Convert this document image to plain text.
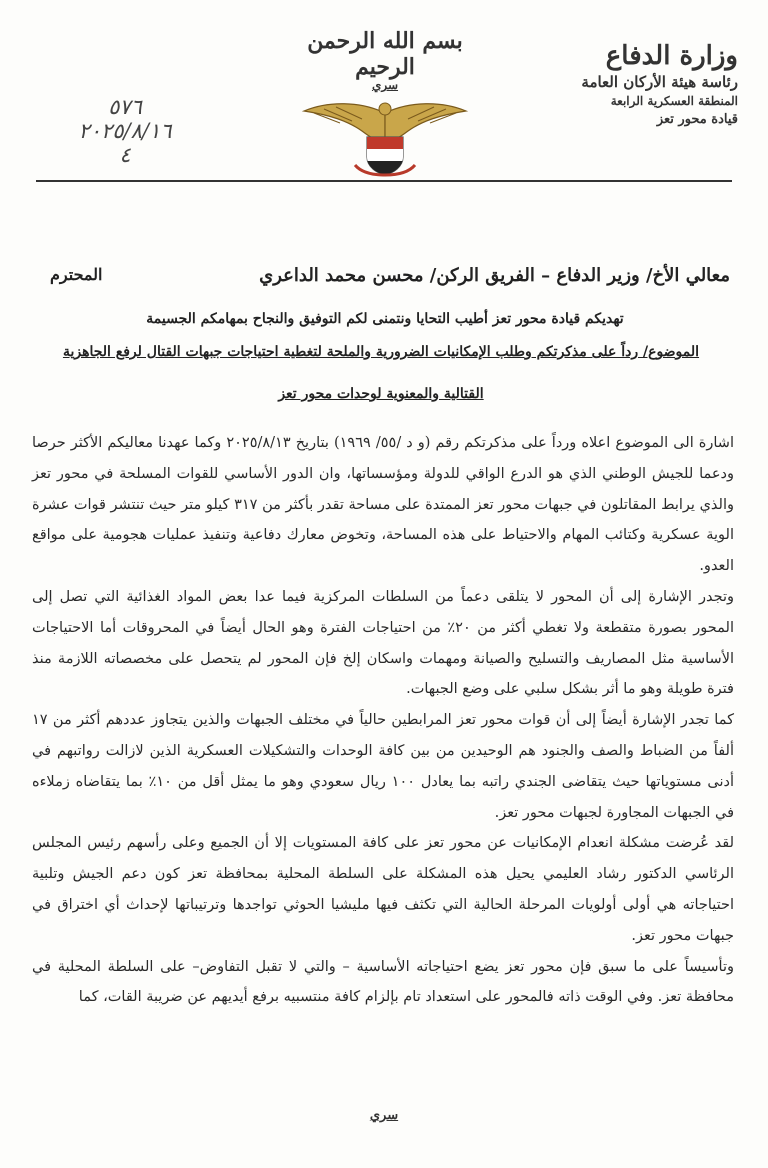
بسم الله الرحمن الرحيم
سري
وزارة الدفاع
رئاسة هيئة الأركان العامة
المنطقة العسكرية الرابعة
قيادة محور تعز
٥٧٦
٢٠٢٥/٨/١٦
٤
معالي الأخ/ وزير الدفاع – الفريق الركن/ محسن محمد الداعري
المحترم
تهديكم قيادة محور تعز أطيب التحايا ونتمنى لكم التوفيق والنجاح بمهامكم الجسيمة
الموضوع/ رداً على مذكرتكم وطلب الإمكانيات الضرورية والملحة لتغطية احتياجات جبهات القتال لرفع الجاهزية
القتالية والمعنوية لوحدات محور تعز

اشارة الى الموضوع اعلاه ورداً على مذكرتكم رقم (و د /٥٥/ ١٩٦٩) بتاريخ ٢٠٢٥/٨/١٣ وكما عهدنا معاليكم الأكثر حرصا ودعما للجيش الوطني الذي هو الدرع الواقي للدولة ومؤسساتها، وان الدور الأساسي للقوات المسلحة في محور تعز والذي يرابط المقاتلون في جبهات محور تعز الممتدة على مساحة تقدر بأكثر من ٣١٧ كيلو متر حيث تنتشر قوات عشرة الوية عسكرية وكتائب المهام والاحتياط على هذه المساحة، وتخوض معارك دفاعية وتنفيذ عمليات هجومية على مواقع العدو.

وتجدر الإشارة إلى أن المحور لا يتلقى دعماً من السلطات المركزية فيما عدا بعض المواد الغذائية التي تصل إلى المحور بصورة متقطعة ولا تغطي أكثر من ٢٠٪ من احتياجات الفترة وهو الحال أيضاً في المحروقات أما الاحتياجات الأساسية مثل المصاريف والتسليح والصيانة ومهمات واسكان إلخ فإن المحور لم يتحصل على مخصصاته اللازمة منذ فترة طويلة وهو ما أثر بشكل سلبي على وضع الجبهات.

كما تجدر الإشارة أيضاً إلى أن قوات محور تعز المرابطين حالياً في مختلف الجبهات والذين يتجاوز عددهم أكثر من ١٧ ألفاً من الضباط والصف والجنود هم الوحيدين من بين كافة الوحدات والتشكيلات العسكرية الذين لازالت رواتبهم في أدنى مستوياتها حيث يتقاضى الجندي راتبه بما يعادل ١٠٠ ريال سعودي وهو ما يمثل أقل من ١٠٪ بما يتقاضاه زملاءه في الجبهات المجاورة لجبهات محور تعز.

لقد عُرضت مشكلة انعدام الإمكانيات عن محور تعز على كافة المستويات إلا أن الجميع وعلى رأسهم رئيس المجلس الرئاسي الدكتور رشاد العليمي يحيل هذه المشكلة على السلطة المحلية بمحافظة تعز كون دعم الجيش وتلبية احتياجاته هي أولى أولويات المرحلة الحالية التي تكثف فيها مليشيا الحوثي تواجدها وترتيباتها لإحداث أي اختراق في جبهات محور تعز.

وتأسيساً على ما سبق فإن محور تعز يضع احتياجاته الأساسية – والتي لا تقبل التفاوض– على السلطة المحلية في محافظة تعز. وفي الوقت ذاته فالمحور على استعداد تام بإلزام كافة منتسبيه برفع أيديهم عن ضريبة القات، كما

سري
